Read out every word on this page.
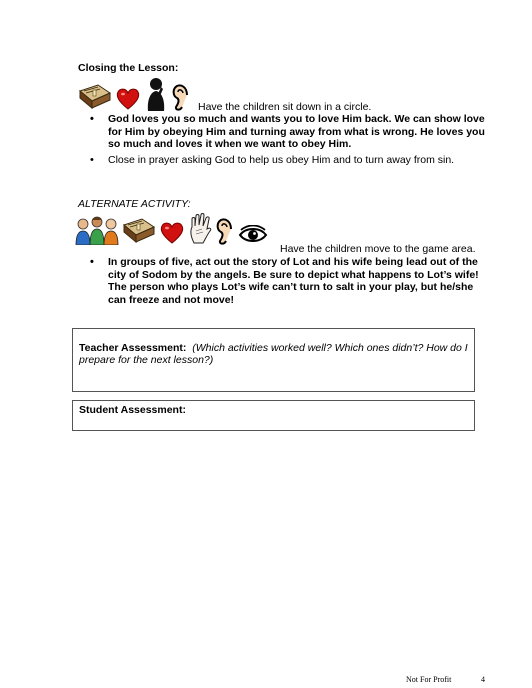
Closing the Lesson:
Have the children sit down in a circle.
• God loves you so much and wants you to love Him back. We can show love for Him by obeying Him and turning away from what is wrong. He loves you so much and loves it when we want to obey Him.
• Close in prayer asking God to help us obey Him and to turn away from sin.
ALTERNATE ACTIVITY:
Have the children move to the game area.
• In groups of five, act out the story of Lot and his wife being lead out of the city of Sodom by the angels. Be sure to depict what happens to Lot’s wife! The person who plays Lot’s wife can’t turn to salt in your play, but he/she can freeze and not move!
Teacher Assessment: (Which activities worked well? Which ones didn’t? How do I prepare for the next lesson?)
Student Assessment:
Not For Profit	4
